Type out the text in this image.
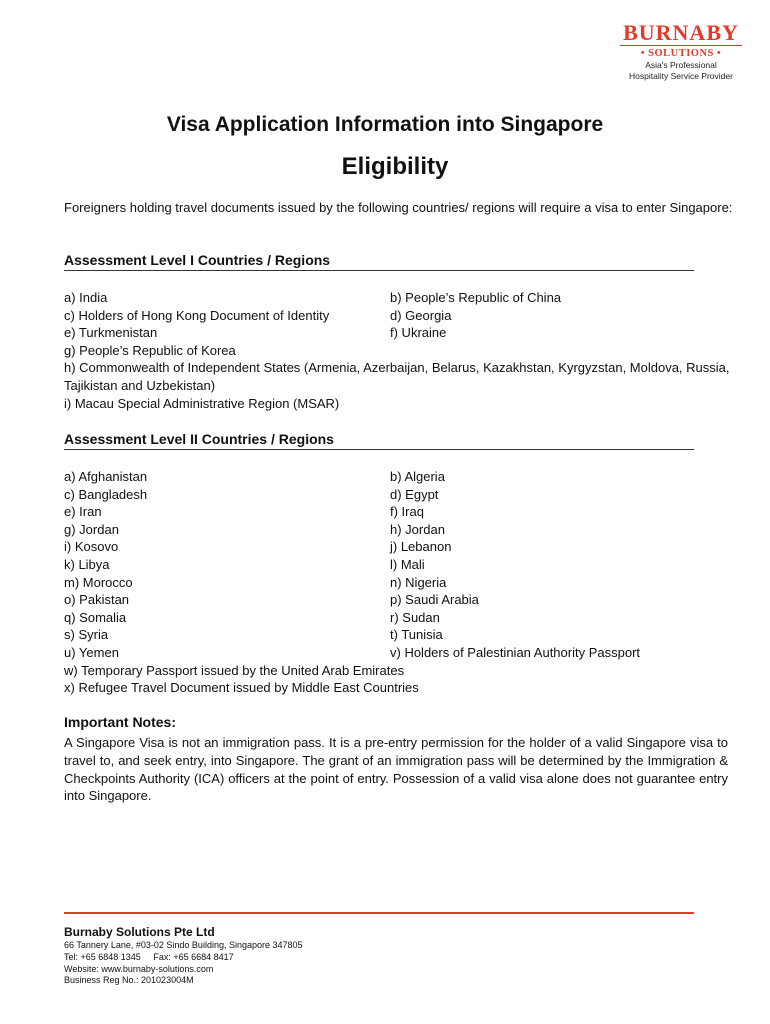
BURNABY
• SOLUTIONS •
Asia's Professional
Hospitality Service Provider
Visa Application Information into Singapore
Eligibility
Foreigners holding travel documents issued by the following countries/ regions will require a visa to enter Singapore:
Assessment Level I Countries / Regions
a) India	b) People’s Republic of China
c) Holders of Hong Kong Document of Identity	d) Georgia
e) Turkmenistan	f) Ukraine
g) People’s Republic of Korea
h) Commonwealth of Independent States (Armenia, Azerbaijan, Belarus, Kazakhstan, Kyrgyzstan, Moldova, Russia, Tajikistan and Uzbekistan)
i) Macau Special Administrative Region (MSAR)
Assessment Level II Countries / Regions
a) Afghanistan	b) Algeria
c) Bangladesh	d) Egypt
e) Iran	f) Iraq
g) Jordan	h) Jordan
i) Kosovo	j) Lebanon
k) Libya	l) Mali
m) Morocco	n) Nigeria
o) Pakistan	p) Saudi Arabia
q) Somalia	r) Sudan
s) Syria	t) Tunisia
u) Yemen	v) Holders of Palestinian Authority Passport
w) Temporary Passport issued by the United Arab Emirates
x) Refugee Travel Document issued by Middle East Countries
Important Notes:
A Singapore Visa is not an immigration pass. It is a pre-entry permission for the holder of a valid Singapore visa to travel to, and seek entry, into Singapore. The grant of an immigration pass will be determined by the Immigration & Checkpoints Authority (ICA) officers at the point of entry. Possession of a valid visa alone does not guarantee entry into Singapore.
Burnaby Solutions Pte Ltd
66 Tannery Lane, #03-02 Sindo Building, Singapore 347805
Tel: +65 6848 1345     Fax: +65 6684 8417
Website: www.burnaby-solutions.com
Business Reg No.: 201023004M
